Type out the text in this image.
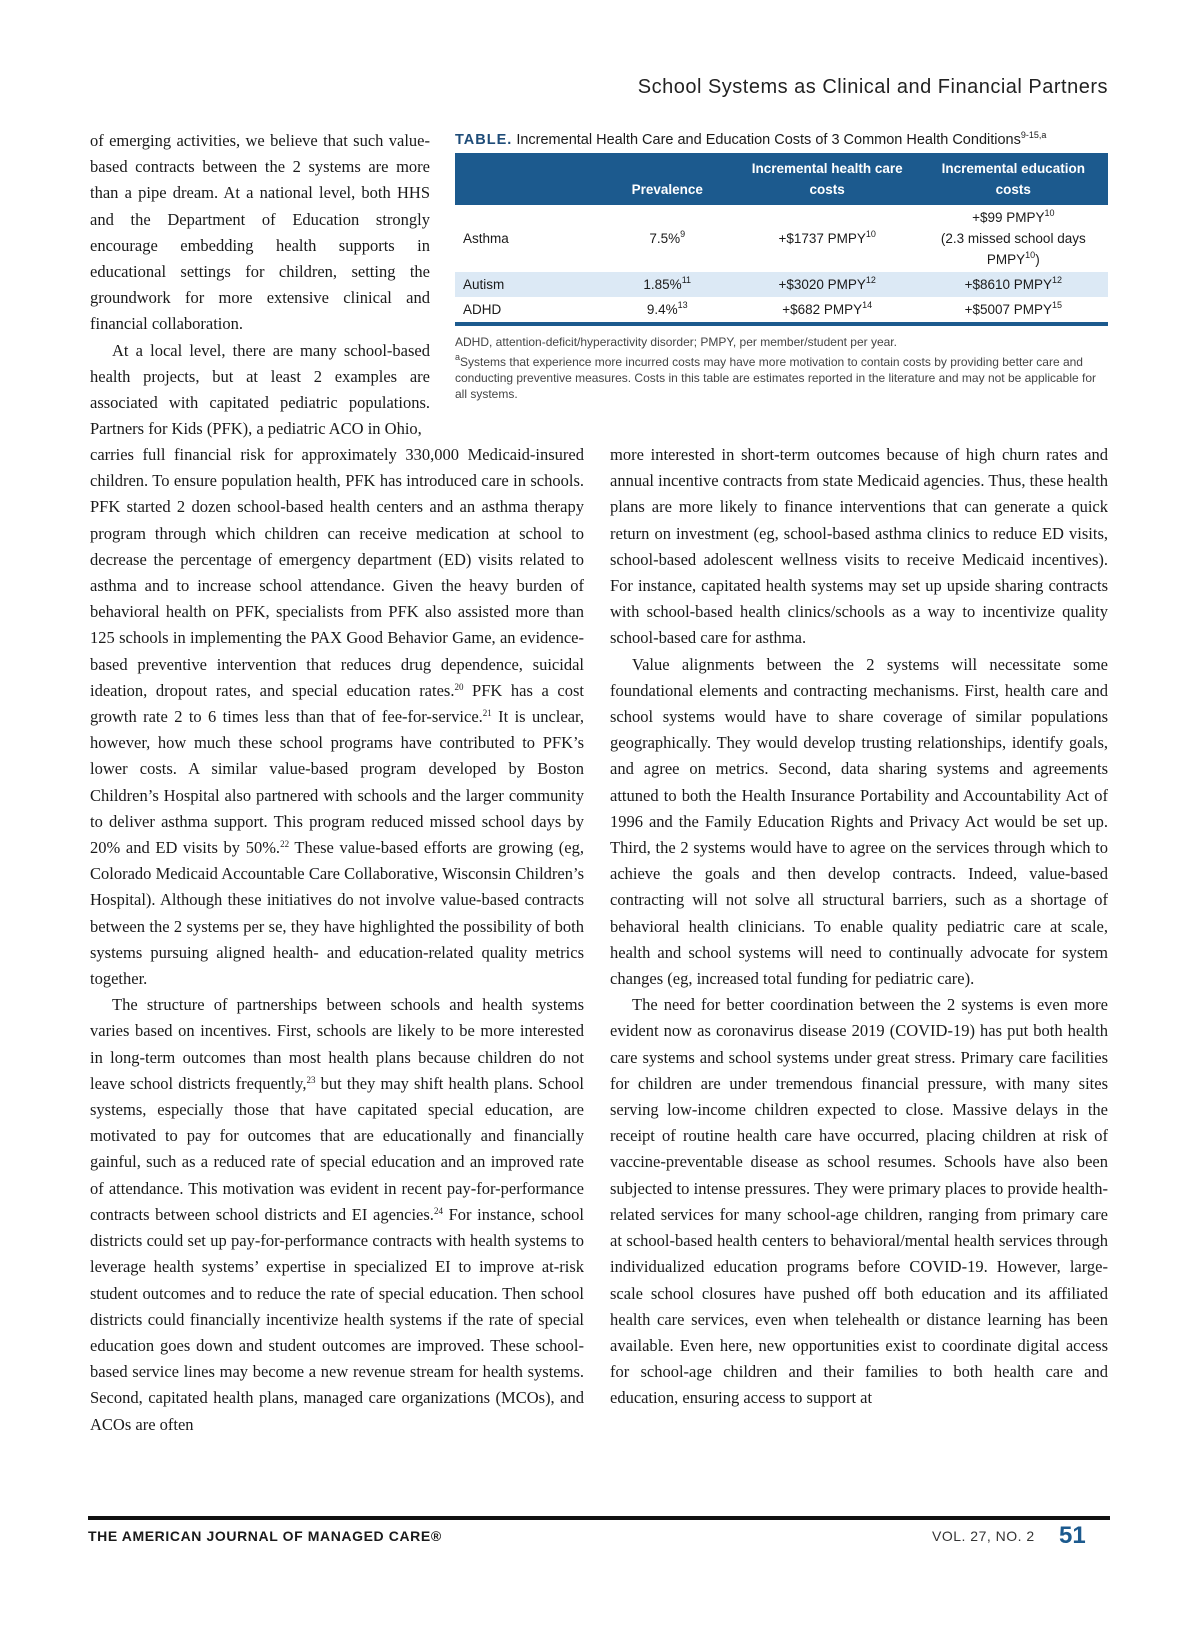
School Systems as Clinical and Financial Partners

of emerging activities, we believe that such value-based contracts between the 2 systems are more than a pipe dream. At a national level, both HHS and the Department of Education strongly encourage embedding health supports in educational settings for children, setting the groundwork for more extensive clinical and financial collaboration.

At a local level, there are many school-based health projects, but at least 2 examples are associated with capitated pediatric populations. Partners for Kids (PFK), a pediatric ACO in Ohio,

TABLE. Incremental Health Care and Education Costs of 3 Common Health Conditions$^{9-15,a}$
	Prevalence	Incremental health care costs	Incremental education costs
Asthma	7.5%$^9$	+$1737 $PMPY^{10}$	+$99 PMPY$^{10}$
(2.3 missed school days PMPY$^{10}$)
Autism	1.85%$^{11}$	+$3020 $PMPY^{12}$	+$8610 PMPY$^{12}$
ADHD	9.4%$^{13}$	+$682 $PMPY^{14}$	+$5007 PMPY$^{15}$

ADHD, attention-deficit/hyperactivity disorder; PMPY, per member/student per year.

$^a$Systems that experience more incurred costs may have more motivation to contain costs by providing better care and conducting preventive measures. Costs in this table are estimates reported in the literature and may not be applicable for all systems.

carries full financial risk for approximately 330,000 Medicaid-insured children. To ensure population health, PFK has introduced care in schools. PFK started 2 dozen school-based health centers and an asthma therapy program through which children can receive medication at school to decrease the percentage of emergency department (ED) visits related to asthma and to increase school attendance. Given the heavy burden of behavioral health on PFK, specialists from PFK also assisted more than 125 schools in implementing the PAX Good Behavior Game, an evidence-based preventive intervention that reduces drug dependence, suicidal ideation, dropout rates, and special education rates.$^{20}$ PFK has a cost growth rate 2 to 6 times less than that of fee-for-service.$^{21}$ It is unclear, however, how much these school programs have contributed to PFK’s lower costs. A similar value-based program developed by Boston Children’s Hospital also partnered with schools and the larger community to deliver asthma support. This program reduced missed school days by 20% and ED visits by 50%.$^{22}$ These value-based efforts are growing (eg, Colorado Medicaid Accountable Care Collaborative, Wisconsin Children’s Hospital). Although these initiatives do not involve value-based contracts between the 2 systems per se, they have highlighted the possibility of both systems pursuing aligned health- and education-related quality metrics together.

The structure of partnerships between schools and health systems varies based on incentives. First, schools are likely to be more interested in long-term outcomes than most health plans because children do not leave school districts frequently,$^{23}$ but they may shift health plans. School systems, especially those that have capitated special education, are motivated to pay for outcomes that are educationally and financially gainful, such as a reduced rate of special education and an improved rate of attendance. This motivation was evident in recent pay-for-performance contracts between school districts and EI agencies.$^{24}$ For instance, school districts could set up pay-for-performance contracts with health systems to leverage health systems’ expertise in specialized EI to improve at-risk student outcomes and to reduce the rate of special education. Then school districts could financially incentivize health systems if the rate of special education goes down and student outcomes are improved. These school-based service lines may become a new revenue stream for health systems. Second, capitated health plans, managed care organizations (MCOs), and ACOs are often

more interested in short-term outcomes because of high churn rates and annual incentive contracts from state Medicaid agencies. Thus, these health plans are more likely to finance interventions that can generate a quick return on investment (eg, school-based asthma clinics to reduce ED visits, school-based adolescent wellness visits to receive Medicaid incentives). For instance, capitated health systems may set up upside sharing contracts with school-based health clinics/schools as a way to incentivize quality school-based care for asthma.

Value alignments between the 2 systems will necessitate some foundational elements and contracting mechanisms. First, health care and school systems would have to share coverage of similar populations geographically. They would develop trusting relationships, identify goals, and agree on metrics. Second, data sharing systems and agreements attuned to both the Health Insurance Portability and Accountability Act of 1996 and the Family Education Rights and Privacy Act would be set up. Third, the 2 systems would have to agree on the services through which to achieve the goals and then develop contracts. Indeed, value-based contracting will not solve all structural barriers, such as a shortage of behavioral health clinicians. To enable quality pediatric care at scale, health and school systems will need to continually advocate for system changes (eg, increased total funding for pediatric care).

The need for better coordination between the 2 systems is even more evident now as coronavirus disease 2019 (COVID-19) has put both health care systems and school systems under great stress. Primary care facilities for children are under tremendous financial pressure, with many sites serving low-income children expected to close. Massive delays in the receipt of routine health care have occurred, placing children at risk of vaccine-preventable disease as school resumes. Schools have also been subjected to intense pressures. They were primary places to provide health-related services for many school-age children, ranging from primary care at school-based health centers to behavioral/mental health services through individualized education programs before COVID-19. However, large-scale school closures have pushed off both education and its affiliated health care services, even when telehealth or distance learning has been available. Even here, new opportunities exist to coordinate digital access for school-age children and their families to both health care and education, ensuring access to support at

THE AMERICAN JOURNAL OF MANAGED CARE®	VOL. 27, NO. 2 51
